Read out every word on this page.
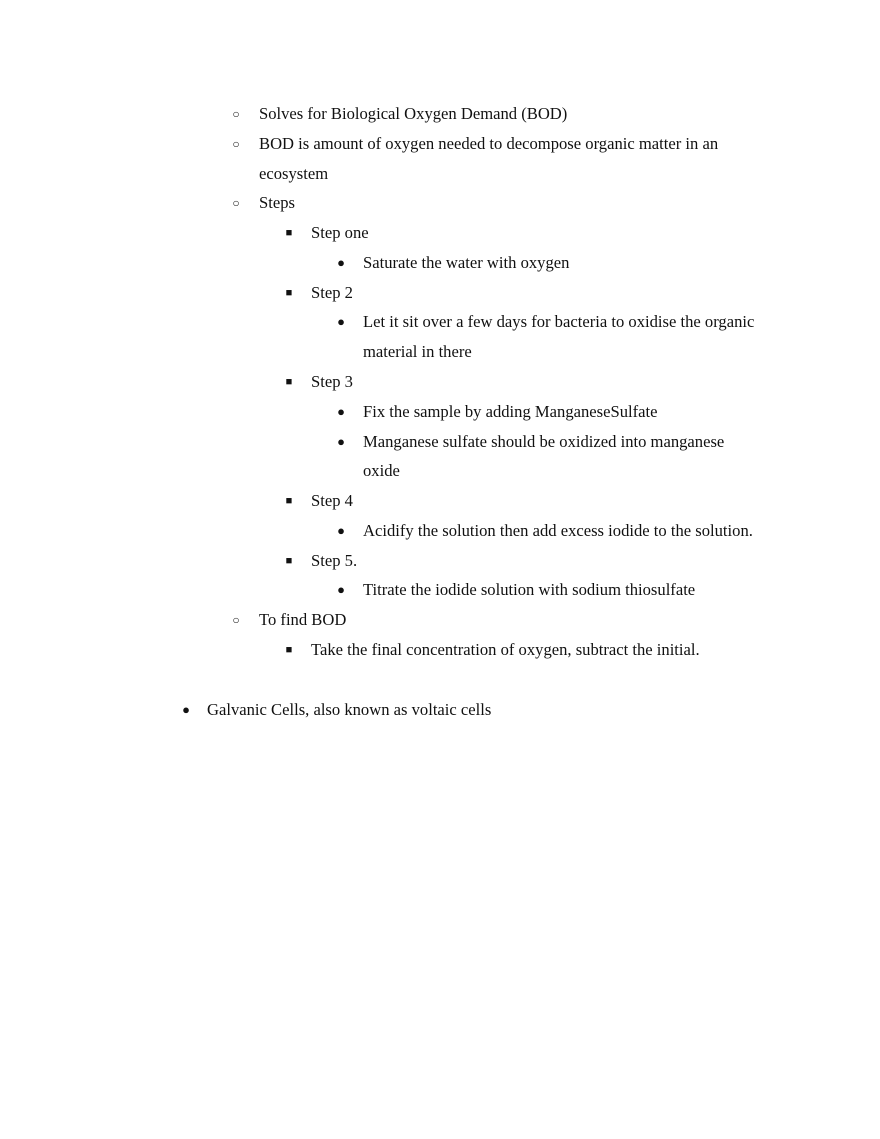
○ Solves for Biological Oxygen Demand (BOD)
○ BOD is amount of oxygen needed to decompose organic matter in an
ecosystem
○ Steps
■ Step one
● Saturate the water with oxygen
■ Step 2
● Let it sit over a few days for bacteria to oxidise the organic
material in there
■ Step 3
● Fix the sample by adding ManganeseSulfate
● Manganese sulfate should be oxidized into manganese
oxide
■ Step 4
● Acidify the solution then add excess iodide to the solution.
■ Step 5.
● Titrate the iodide solution with sodium thiosulfate
○ To find BOD
■ Take the final concentration of oxygen, subtract the initial.
● Galvanic Cells, also known as voltaic cells
